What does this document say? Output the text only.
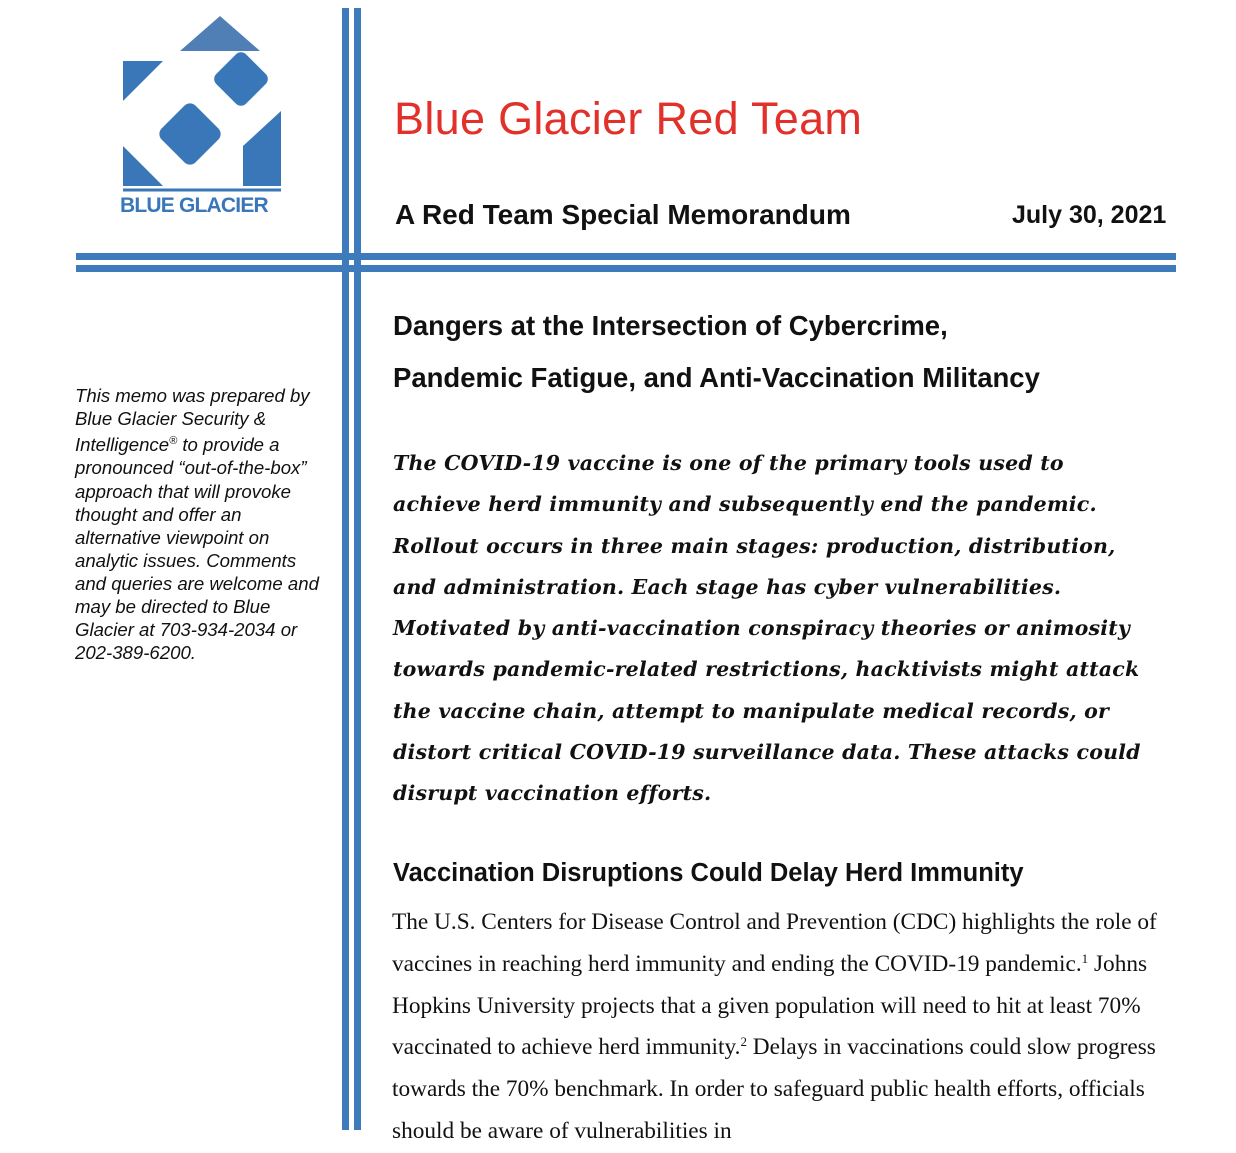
BLUE GLACIER
Blue Glacier Red Team
A Red Team Special Memorandum	July 30, 2021
Dangers at the Intersection of Cybercrime,
Pandemic Fatigue, and Anti-Vaccination Militancy

This memo was prepared by Blue Glacier Security & Intelligence® to provide a pronounced “out-of-the-box” approach that will provoke thought and offer an alternative viewpoint on analytic issues. Comments and queries are welcome and may be directed to Blue Glacier at 703-934-2034 or 202-389-6200.

The COVID-19 vaccine is one of the primary tools used to achieve herd immunity and subsequently end the pandemic. Rollout occurs in three main stages: production, distribution, and administration. Each stage has cyber vulnerabilities. Motivated by anti-vaccination conspiracy theories or animosity towards pandemic-related restrictions, hacktivists might attack the vaccine chain, attempt to manipulate medical records, or distort critical COVID-19 surveillance data. These attacks could disrupt vaccination efforts.

Vaccination Disruptions Could Delay Herd Immunity

The U.S. Centers for Disease Control and Prevention (CDC) highlights the role of vaccines in reaching herd immunity and ending the COVID-19 pandemic.$^1$ Johns Hopkins University projects that a given population will need to hit at least 70% vaccinated to achieve herd immunity.$^2$ Delays in vaccinations could slow progress towards the 70% benchmark. In order to safeguard public health efforts, officials should be aware of vulnerabilities in
